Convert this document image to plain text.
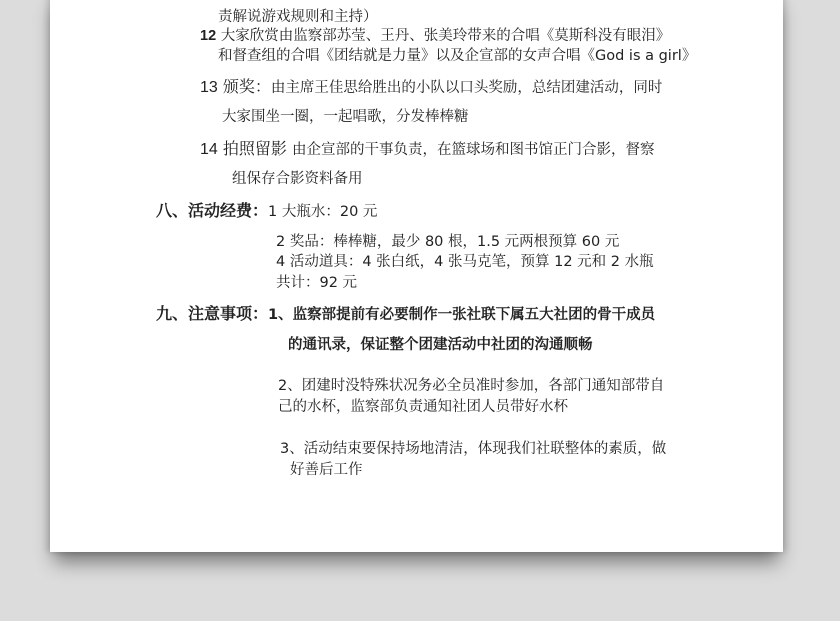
责解说游戏规则和主持）
12 大家欣赏由监察部苏莹、王丹、张美玲带来的合唱《莫斯科没有眼泪》
和督查组的合唱《团结就是力量》以及企宣部的女声合唱《God is a girl》
13 颁奖：由主席王佳思给胜出的小队以口头奖励，总结团建活动，同时
大家围坐一圈，一起唱歌，分发棒棒糖
14 拍照留影 由企宣部的干事负责，在篮球场和图书馆正门合影，督察
组保存合影资料备用
八、活动经费：1 大瓶水：20 元
2 奖品：棒棒糖，最少 80 根，1.5 元两根预算 60 元
4 活动道具：4 张白纸，4 张马克笔，预算 12 元和 2 水瓶
共计：92 元
九、注意事项：1、监察部提前有必要制作一张社联下属五大社团的骨干成员
的通讯录，保证整个团建活动中社团的沟通顺畅
2、团建时没特殊状况务必全员准时参加，各部门通知部带自
己的水杯，监察部负责通知社团人员带好水杯
3、活动结束要保持场地清洁，体现我们社联整体的素质，做
好善后工作
